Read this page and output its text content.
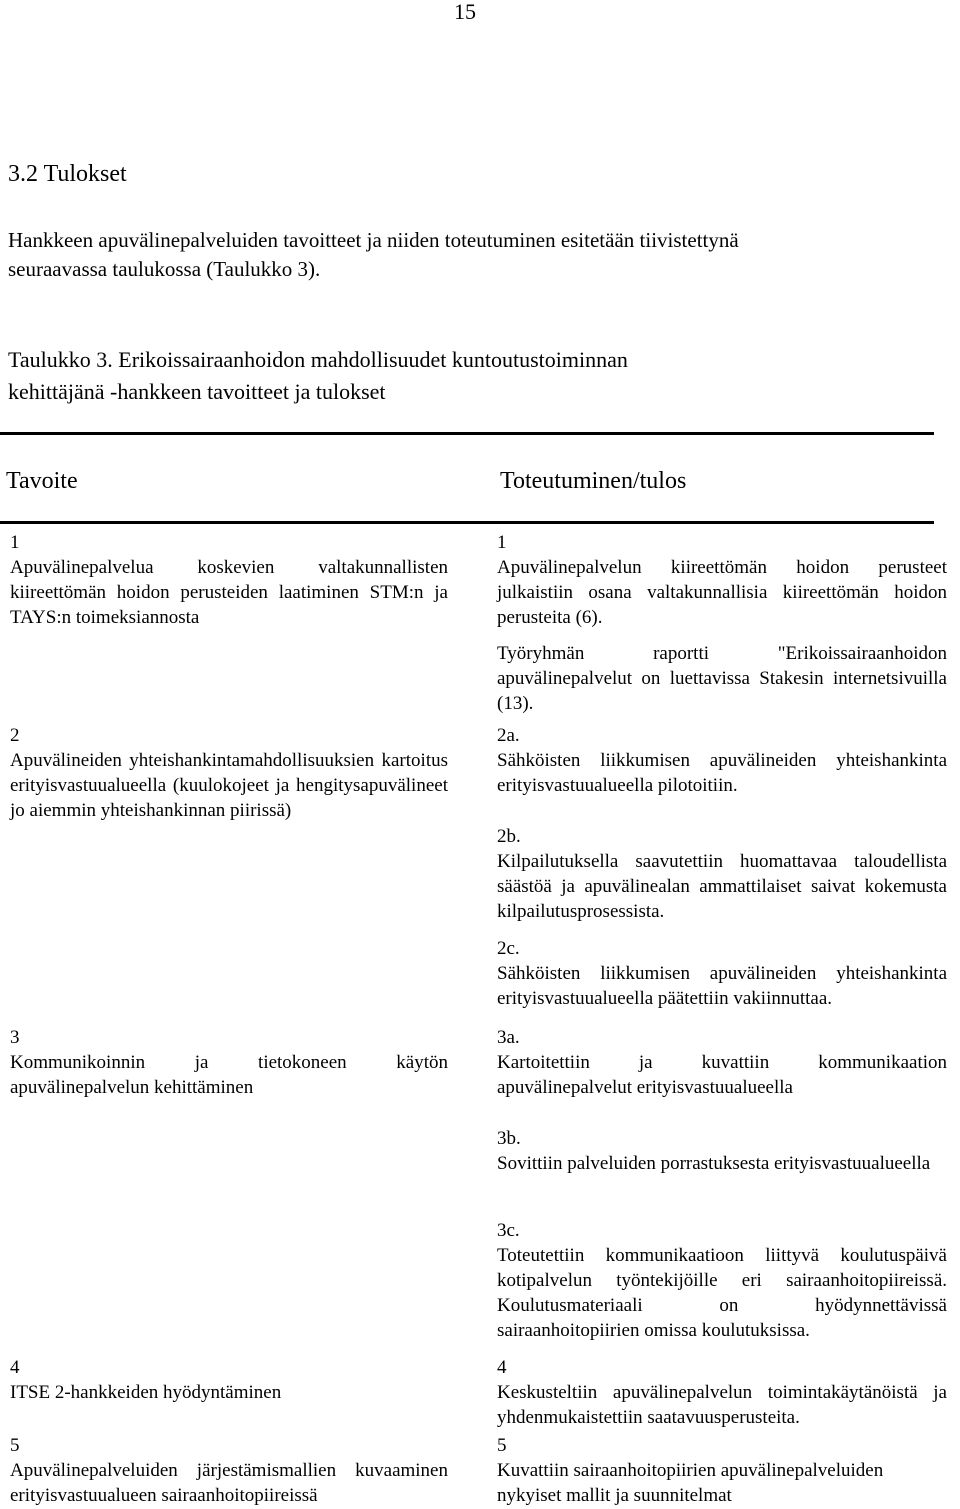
15
3.2 Tulokset
Hankkeen apuvälinepalveluiden tavoitteet ja niiden toteutuminen esitetään tiivistettynä
seuraavassa taulukossa (Taulukko 3).
Taulukko 3. Erikoissairaanhoidon mahdollisuudet kuntoutustoiminnan
kehittäjänä -hankkeen tavoitteet ja tulokset
Tavoite	Toteutuminen/tulos
1
Apuvälinepalvelua koskevien valtakunnallisten kiireettömän hoidon perusteiden laatiminen STM:n ja TAYS:n toimeksiannosta
2
Apuvälineiden yhteishankintamahdollisuuksien kartoitus erityisvastuualueella (kuulokojeet ja hengitysapuvälineet jo aiemmin yhteishankinnan piirissä)
3
Kommunikoinnin ja tietokoneen käytön apuvälinepalvelun kehittäminen
4
ITSE 2-hankkeiden hyödyntäminen
5
Apuvälinepalveluiden järjestämismallien kuvaaminen erityisvastuualueen sairaanhoitopiireissä
1
Apuvälinepalvelun kiireettömän hoidon perusteet julkaistiin osana valtakunnallisia kiireettömän hoidon perusteita (6).
Työryhmän raportti "Erikoissairaanhoidon apuvälinepalvelut on luettavissa Stakesin internetsivuilla (13).
2a.
Sähköisten liikkumisen apuvälineiden yhteishankinta erityisvastuualueella pilotoitiin.
2b.
Kilpailutuksella saavutettiin huomattavaa taloudellista säästöä ja apuvälinealan ammattilaiset saivat kokemusta kilpailutusprosessista.
2c.
Sähköisten liikkumisen apuvälineiden yhteishankinta erityisvastuualueella päätettiin vakiinnuttaa.
3a.
Kartoitettiin ja kuvattiin kommunikaation apuvälinepalvelut erityisvastuualueella
3b.
Sovittiin palveluiden porrastuksesta erityisvastuualueella
3c.
Toteutettiin kommunikaatioon liittyvä koulutuspäivä kotipalvelun työntekijöille eri sairaanhoitopiireissä. Koulutusmateriaali on hyödynnettävissä sairaanhoitopiirien omissa koulutuksissa.
4
Keskusteltiin apuvälinepalvelun toimintakäytänöistä ja yhdenmukaistettiin saatavuusperusteita.
5
Kuvattiin sairaanhoitopiirien apuvälinepalveluiden nykyiset mallit ja suunnitelmat
